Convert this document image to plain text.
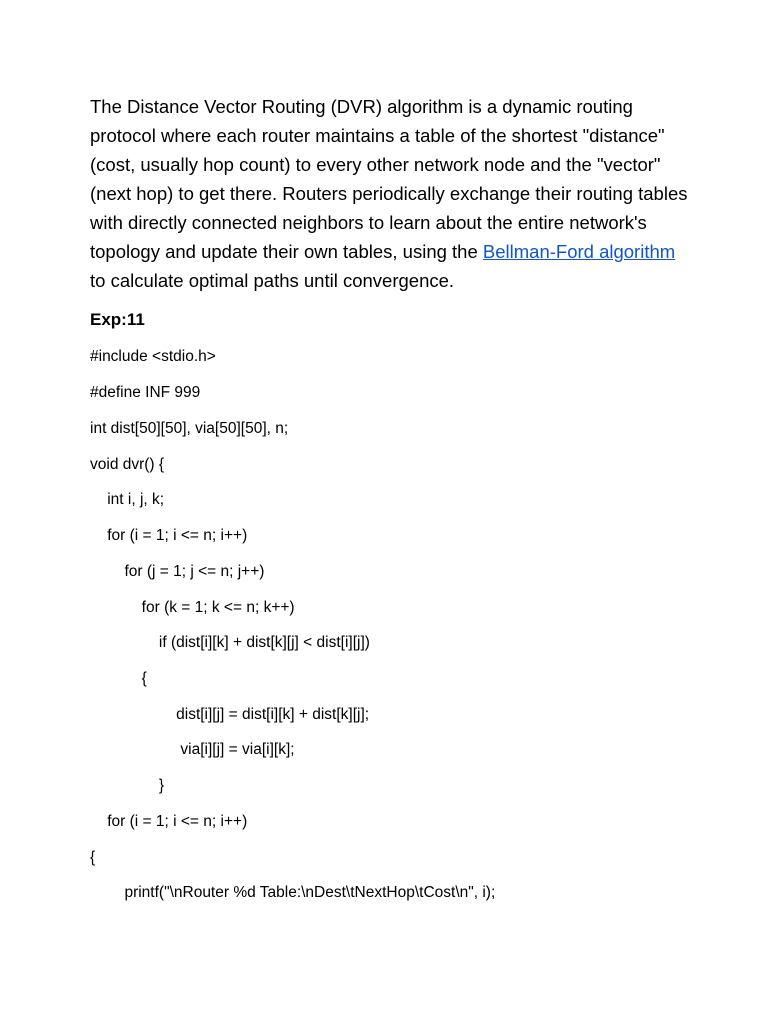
The Distance Vector Routing (DVR) algorithm is a dynamic routing protocol where each router maintains a table of the shortest "distance" (cost, usually hop count) to every other network node and the "vector" (next hop) to get there. Routers periodically exchange their routing tables with directly connected neighbors to learn about the entire network's topology and update their own tables, using the Bellman-Ford algorithm to calculate optimal paths until convergence.

Exp:11

#include <stdio.h>

#define INF 999

int dist[50][50], via[50][50], n;

void dvr() {

int i, j, k;

for (i = 1; i <= n; i++)

for (j = 1; j <= n; j++)

for (k = 1; k <= n; k++)

if (dist[i][k] + dist[k][j] < dist[i][j])

{

dist[i][j] = dist[i][k] + dist[k][j];

via[i][j] = via[i][k];

}

for (i = 1; i <= n; i++)

{

printf("\nRouter %d Table:\nDest\tNextHop\tCost\n", i);
